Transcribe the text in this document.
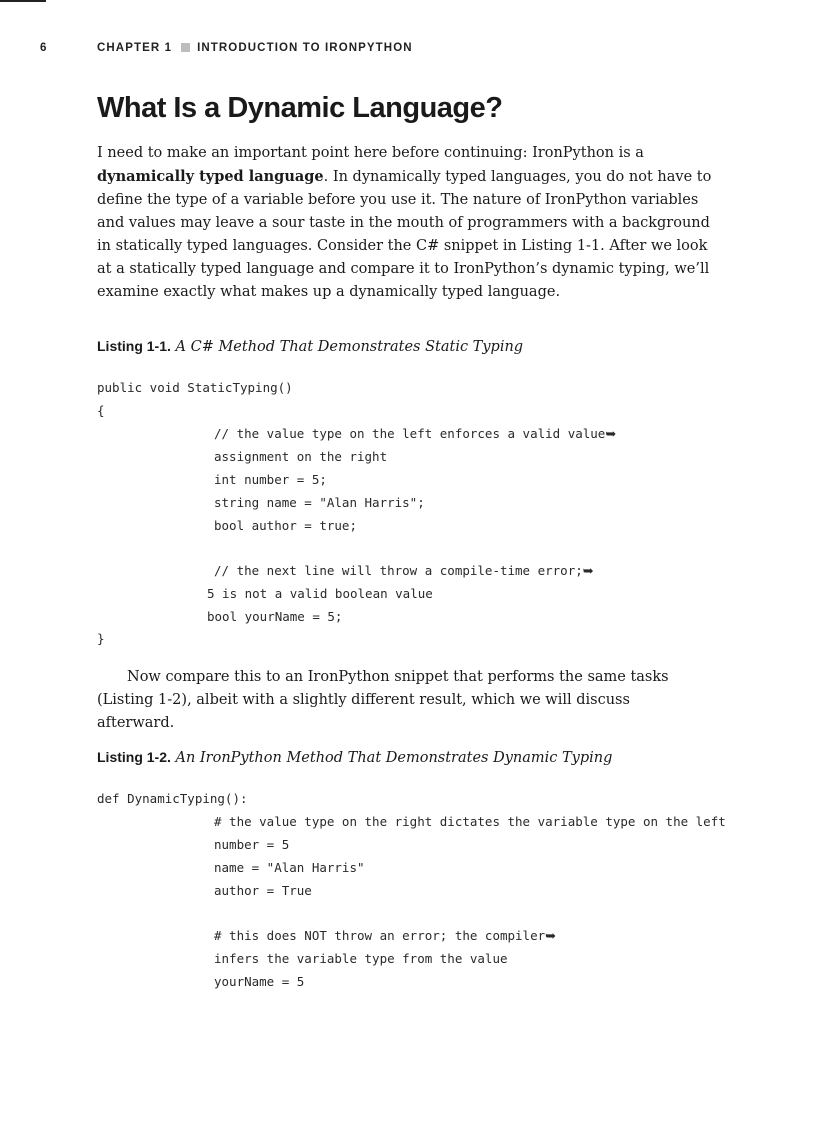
6	CHAPTER 1 INTRODUCTION TO IRONPYTHON
What Is a Dynamic Language?

I need to make an important point here before continuing: IronPython is a dynamically typed language. In dynamically typed languages, you do not have to define the type of a variable before you use it. The nature of IronPython variables and values may leave a sour taste in the mouth of programmers with a background in statically typed languages. Consider the C# snippet in Listing 1-1. After we look at a statically typed language and compare it to IronPython’s dynamic typing, we’ll examine exactly what makes up a dynamically typed language.

Listing 1-1. A C# Method That Demonstrates Static Typing

public void StaticTyping()
{
// the value type on the left enforces a valid value➥
assignment on the right
int number = 5;
string name = "Alan Harris";
bool author = true;
// the next line will throw a compile-time error;➥
5 is not a valid boolean value
bool yourName = 5;
}

Now compare this to an IronPython snippet that performs the same tasks (Listing 1-2), albeit with a slightly different result, which we will discuss afterward.

Listing 1-2. An IronPython Method That Demonstrates Dynamic Typing

def DynamicTyping():
# the value type on the right dictates the variable type on the left
number = 5
name = "Alan Harris"
author = True
# this does NOT throw an error; the compiler➥
infers the variable type from the value
yourName = 5
